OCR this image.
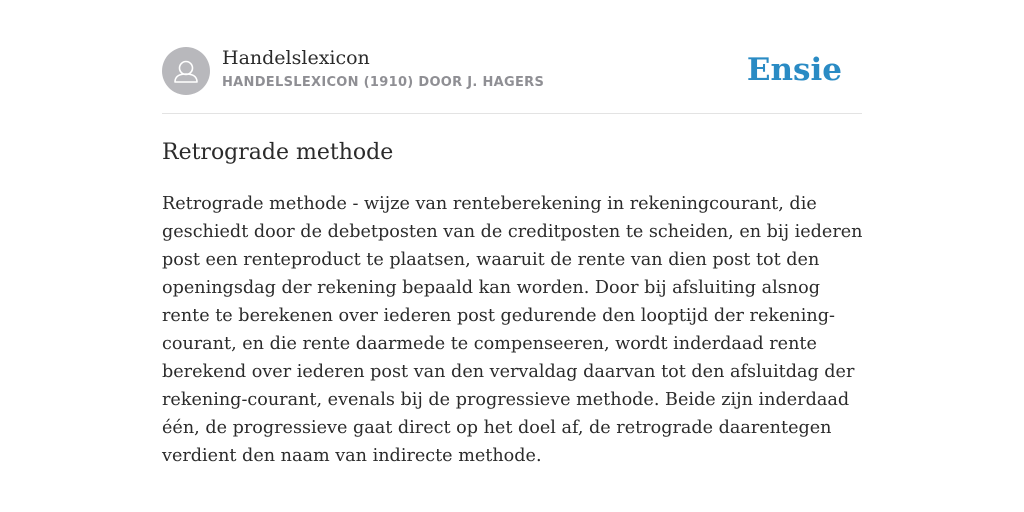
Handelslexicon
HANDELSLEXICON (1910) DOOR J. HAGERS	Ensie
Retrograde methode

Retrograde methode - wijze van renteberekening in rekeningcourant, die geschiedt door de debetposten van de creditposten te scheiden, en bij iederen post een renteproduct te plaatsen, waaruit de rente van dien post tot den openingsdag der rekening bepaald kan worden. Door bij afsluiting alsnog rente te berekenen over iederen post gedurende den looptijd der rekening-courant, en die rente daarmede te compenseeren, wordt inderdaad rente berekend over iederen post van den vervaldag daarvan tot den afsluitdag der rekening-courant, evenals bij de progressieve methode. Beide zijn inderdaad één, de progressieve gaat direct op het doel af, de retrograde daarentegen verdient den naam van indirecte methode.
